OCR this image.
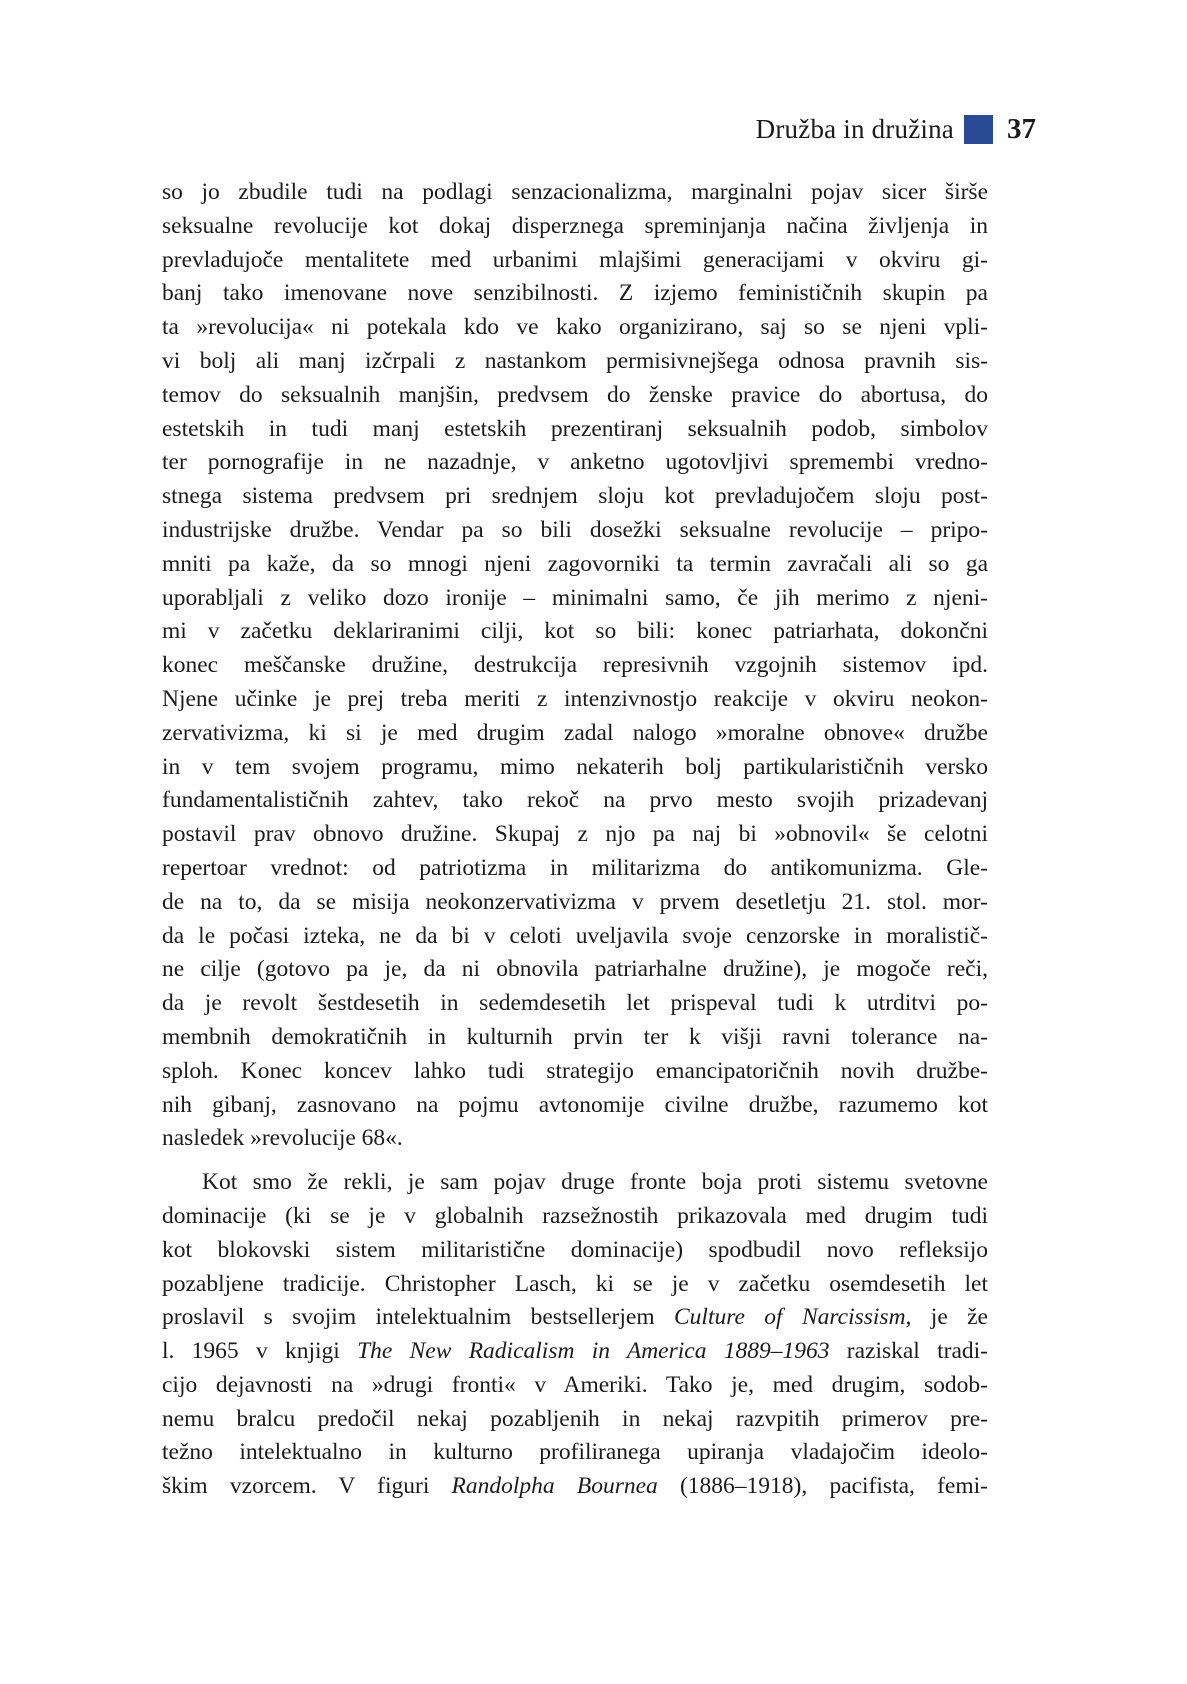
Družba in družina 37
so jo zbudile tudi na podlagi senzacionalizma, marginalni pojav sicer širše
seksualne revolucije kot dokaj disperznega spreminjanja načina življenja in
prevladujoče mentalitete med urbanimi mlajšimi generacijami v okviru gi-
banj tako imenovane nove senzibilnosti. Z izjemo feminističnih skupin pa
ta »revolucija« ni potekala kdo ve kako organizirano, saj so se njeni vpli-
vi bolj ali manj izčrpali z nastankom permisivnejšega odnosa pravnih sis-
temov do seksualnih manjšin, predvsem do ženske pravice do abortusa, do
estetskih in tudi manj estetskih prezentiranj seksualnih podob, simbolov
ter pornografije in ne nazadnje, v anketno ugotovljivi spremembi vredno-
stnega sistema predvsem pri srednjem sloju kot prevladujočem sloju post-
industrijske družbe. Vendar pa so bili dosežki seksualne revolucije – pripo-
mniti pa kaže, da so mnogi njeni zagovorniki ta termin zavračali ali so ga
uporabljali z veliko dozo ironije – minimalni samo, če jih merimo z njeni-
mi v začetku deklariranimi cilji, kot so bili: konec patriarhata, dokončni
konec meščanske družine, destrukcija represivnih vzgojnih sistemov ipd.
Njene učinke je prej treba meriti z intenzivnostjo reakcije v okviru neokon-
zervativizma, ki si je med drugim zadal nalogo »moralne obnove« družbe
in v tem svojem programu, mimo nekaterih bolj partikularističnih versko
fundamentalističnih zahtev, tako rekoč na prvo mesto svojih prizadevanj
postavil prav obnovo družine. Skupaj z njo pa naj bi »obnovil« še celotni
repertoar vrednot: od patriotizma in militarizma do antikomunizma. Gle-
de na to, da se misija neokonzervativizma v prvem desetletju 21. stol. mor-
da le počasi izteka, ne da bi v celoti uveljavila svoje cenzorske in moralistič-
ne cilje (gotovo pa je, da ni obnovila patriarhalne družine), je mogoče reči,
da je revolt šestdesetih in sedemdesetih let prispeval tudi k utrditvi po-
membnih demokratičnih in kulturnih prvin ter k višji ravni tolerance na-
sploh. Konec koncev lahko tudi strategijo emancipatoričnih novih družbe-
nih gibanj, zasnovano na pojmu avtonomije civilne družbe, razumemo kot
nasledek »revolucije 68«.
Kot smo že rekli, je sam pojav druge fronte boja proti sistemu svetovne
dominacije (ki se je v globalnih razsežnostih prikazovala med drugim tudi
kot blokovski sistem militaristične dominacije) spodbudil novo refleksijo
pozabljene tradicije. Christopher Lasch, ki se je v začetku osemdesetih let
proslavil s svojim intelektualnim bestsellerjem Culture of Narcissism, je že
l. 1965 v knjigi The New Radicalism in America 1889–1963 raziskal tradi-
cijo dejavnosti na »drugi fronti« v Ameriki. Tako je, med drugim, sodob-
nemu bralcu predočil nekaj pozabljenih in nekaj razvpitih primerov pre-
težno intelektualno in kulturno profiliranega upiranja vladajočim ideolo-
škim vzorcem. V figuri Randolpha Bournea (1886–1918), pacifista, femi-
